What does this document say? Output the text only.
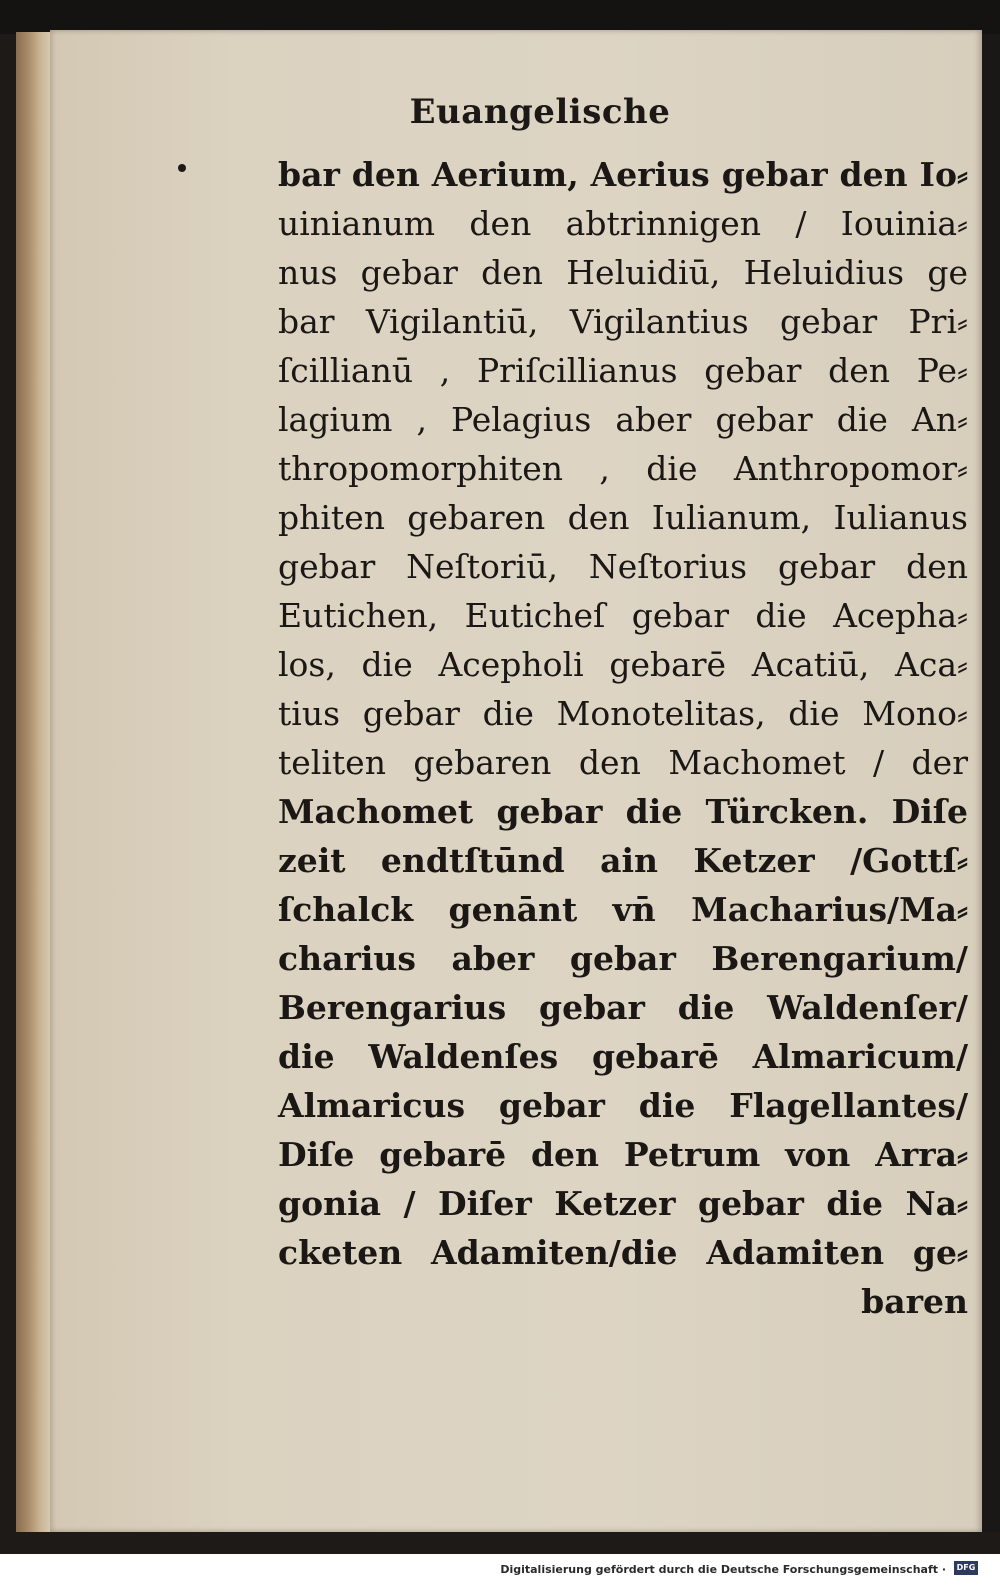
Euangelische
bar den Aerium, Aerius gebar den Io⸗
uinianum den abtrinnigen / Iouinia⸗
nus gebar den Heluidiū, Heluidius ge
bar Vigilantiū, Vigilantius gebar Pri⸗
ſcillianū , Priſcillianus gebar den Pe⸗
lagium , Pelagius aber gebar die An⸗
thropomorphiten , die Anthropomor⸗
phiten gebaren den Iulianum, Iulianus
gebar Neſtoriū, Neſtorius gebar den
Eutichen, Euticheſ gebar die Acepha⸗
los, die Acepholi gebarē Acatiū, Aca⸗
tius gebar die Monotelitas, die Mono⸗
teliten gebaren den Machomet / der
Machomet gebar die Türcken. Diſe
zeit endtſtūnd ain Ketzer /Gottſ⸗
ſchalck genānt vn̄ Macharius/Ma⸗
charius aber gebar Berengarium/
Berengarius gebar die Waldenſer/
die Waldenſes gebarē Almaricum/
Almaricus gebar die Flagellantes/
Diſe gebarē den Petrum von Arra⸗
gonia / Diſer Ketzer gebar die Na⸗
cketen Adamiten/die Adamiten ge⸗
baren
Digitalisierung gefördert durch die Deutsche Forschungsgemeinschaft ·	DFG
